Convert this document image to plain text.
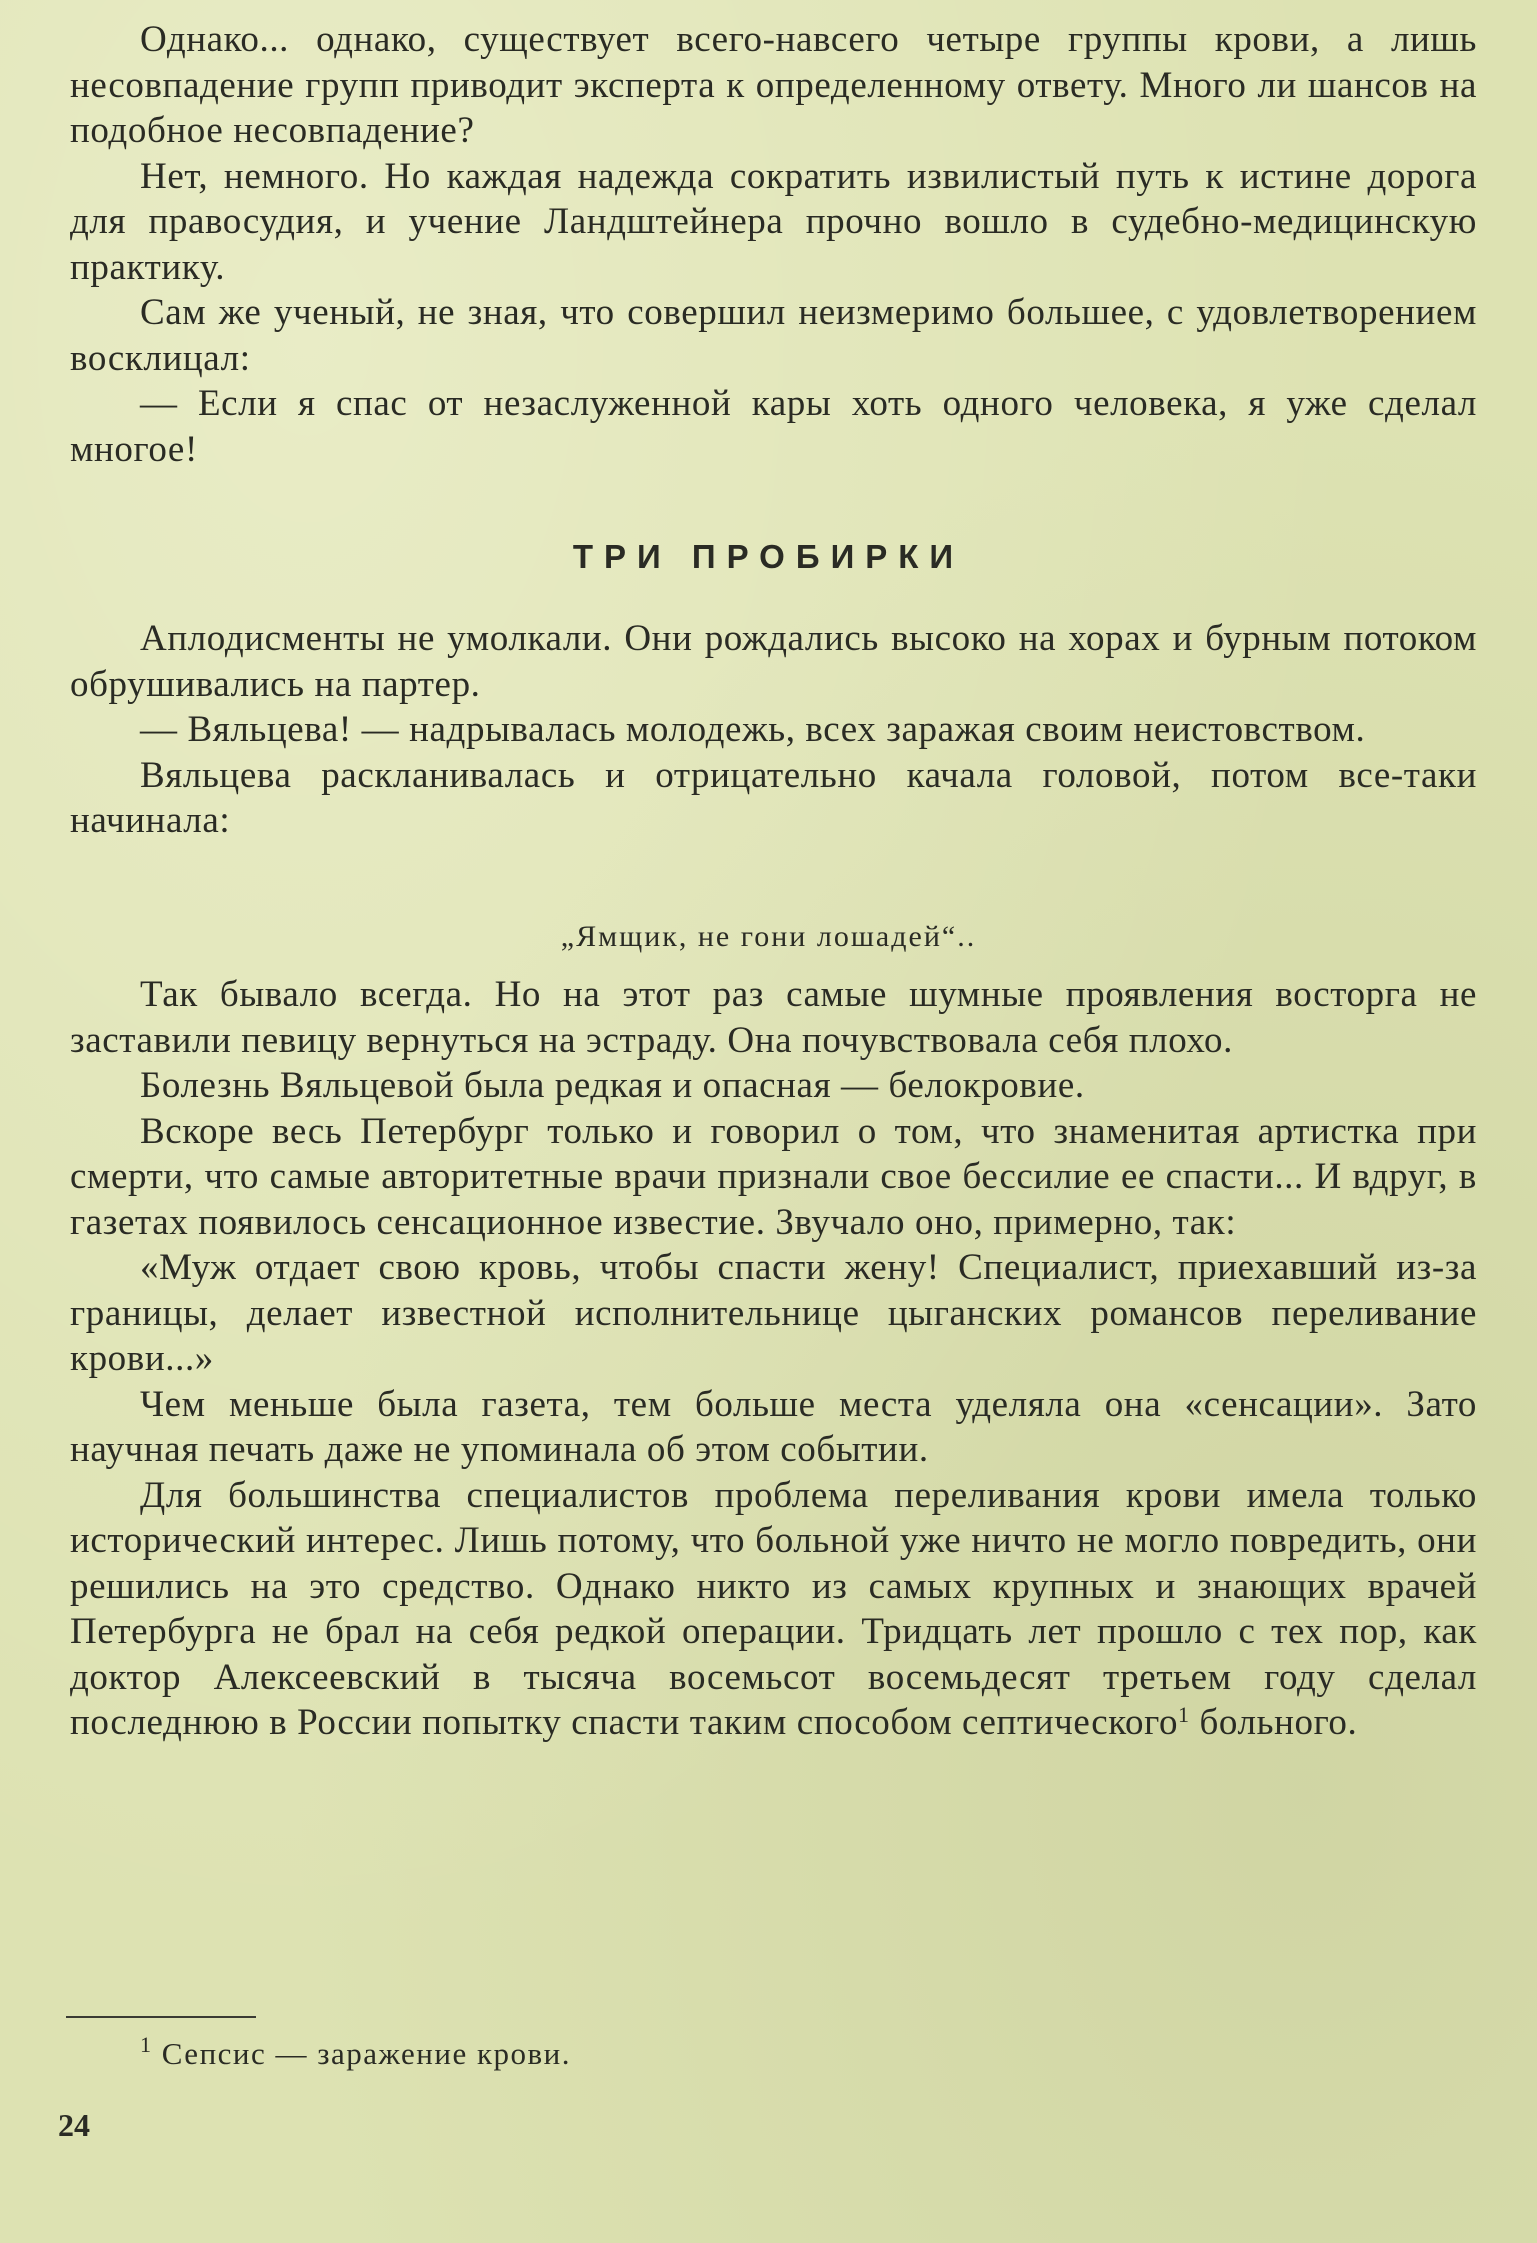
Однако... однако, существует всего-навсего четыре группы крови, а лишь несовпадение групп приводит эксперта к определенному ответу. Много ли шансов на подобное несовпадение?

Нет, немного. Но каждая надежда сократить извилистый путь к истине дорога для правосудия, и учение Ландштейнера прочно вошло в судебно-медицинскую практику.

Сам же ученый, не зная, что совершил неизмеримо большее, с удовлетворением восклицал:

— Если я спас от незаслуженной кары хоть одного человека, я уже сделал многое!

ТРИ ПРОБИРКИ

Аплодисменты не умолкали. Они рождались высоко на хорах и бурным потоком обрушивались на партер.

— Вяльцева! — надрывалась молодежь, всех заражая своим неистовством.

Вяльцева раскланивалась и отрицательно качала головой, потом все-таки начинала:

„Ямщик, не гони лошадей“..

Так бывало всегда. Но на этот раз самые шумные проявления восторга не заставили певицу вернуться на эстраду. Она почувствовала себя плохо.

Болезнь Вяльцевой была редкая и опасная — белокровие.

Вскоре весь Петербург только и говорил о том, что знаменитая артистка при смерти, что самые авторитетные врачи признали свое бессилие ее спасти... И вдруг, в газетах появилось сенсационное известие. Звучало оно, примерно, так:

«Муж отдает свою кровь, чтобы спасти жену! Специалист, приехавший из-за границы, делает известной исполнительнице цыганских романсов переливание крови...»

Чем меньше была газета, тем больше места уделяла она «сенсации». Зато научная печать даже не упоминала об этом событии.

Для большинства специалистов проблема переливания крови имела только исторический интерес. Лишь потому, что больной уже ничто не могло повредить, они решились на это средство. Однако никто из самых крупных и знающих врачей Петербурга не брал на себя редкой операции. Тридцать лет прошло с тех пор, как доктор Алексеевский в тысяча восемьсот восемьдесят третьем году сделал последнюю в России попытку спасти таким способом септического$^1$ больного.

$^1$ Сепсис — заражение крови.
24
